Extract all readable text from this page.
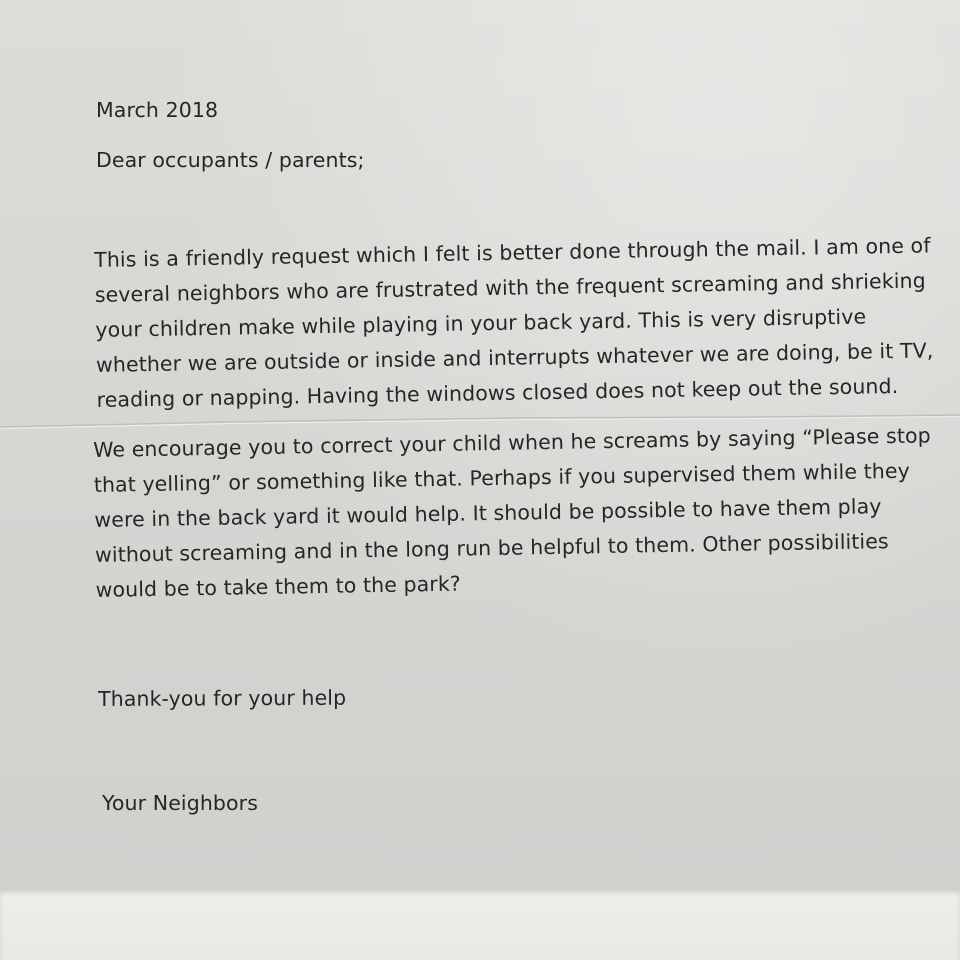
March 2018
Dear occupants / parents;
This is a friendly request which I felt is better done through the mail. I am one of
several neighbors who are frustrated with the frequent screaming and shrieking
your children make while playing in your back yard. This is very disruptive
whether we are outside or inside and interrupts whatever we are doing, be it TV,
reading or napping. Having the windows closed does not keep out the sound.
We encourage you to correct your child when he screams by saying “Please stop
that yelling” or something like that. Perhaps if you supervised them while they
were in the back yard it would help. It should be possible to have them play
without screaming and in the long run be helpful to them. Other possibilities
would be to take them to the park?
Thank-you for your help
Your Neighbors
